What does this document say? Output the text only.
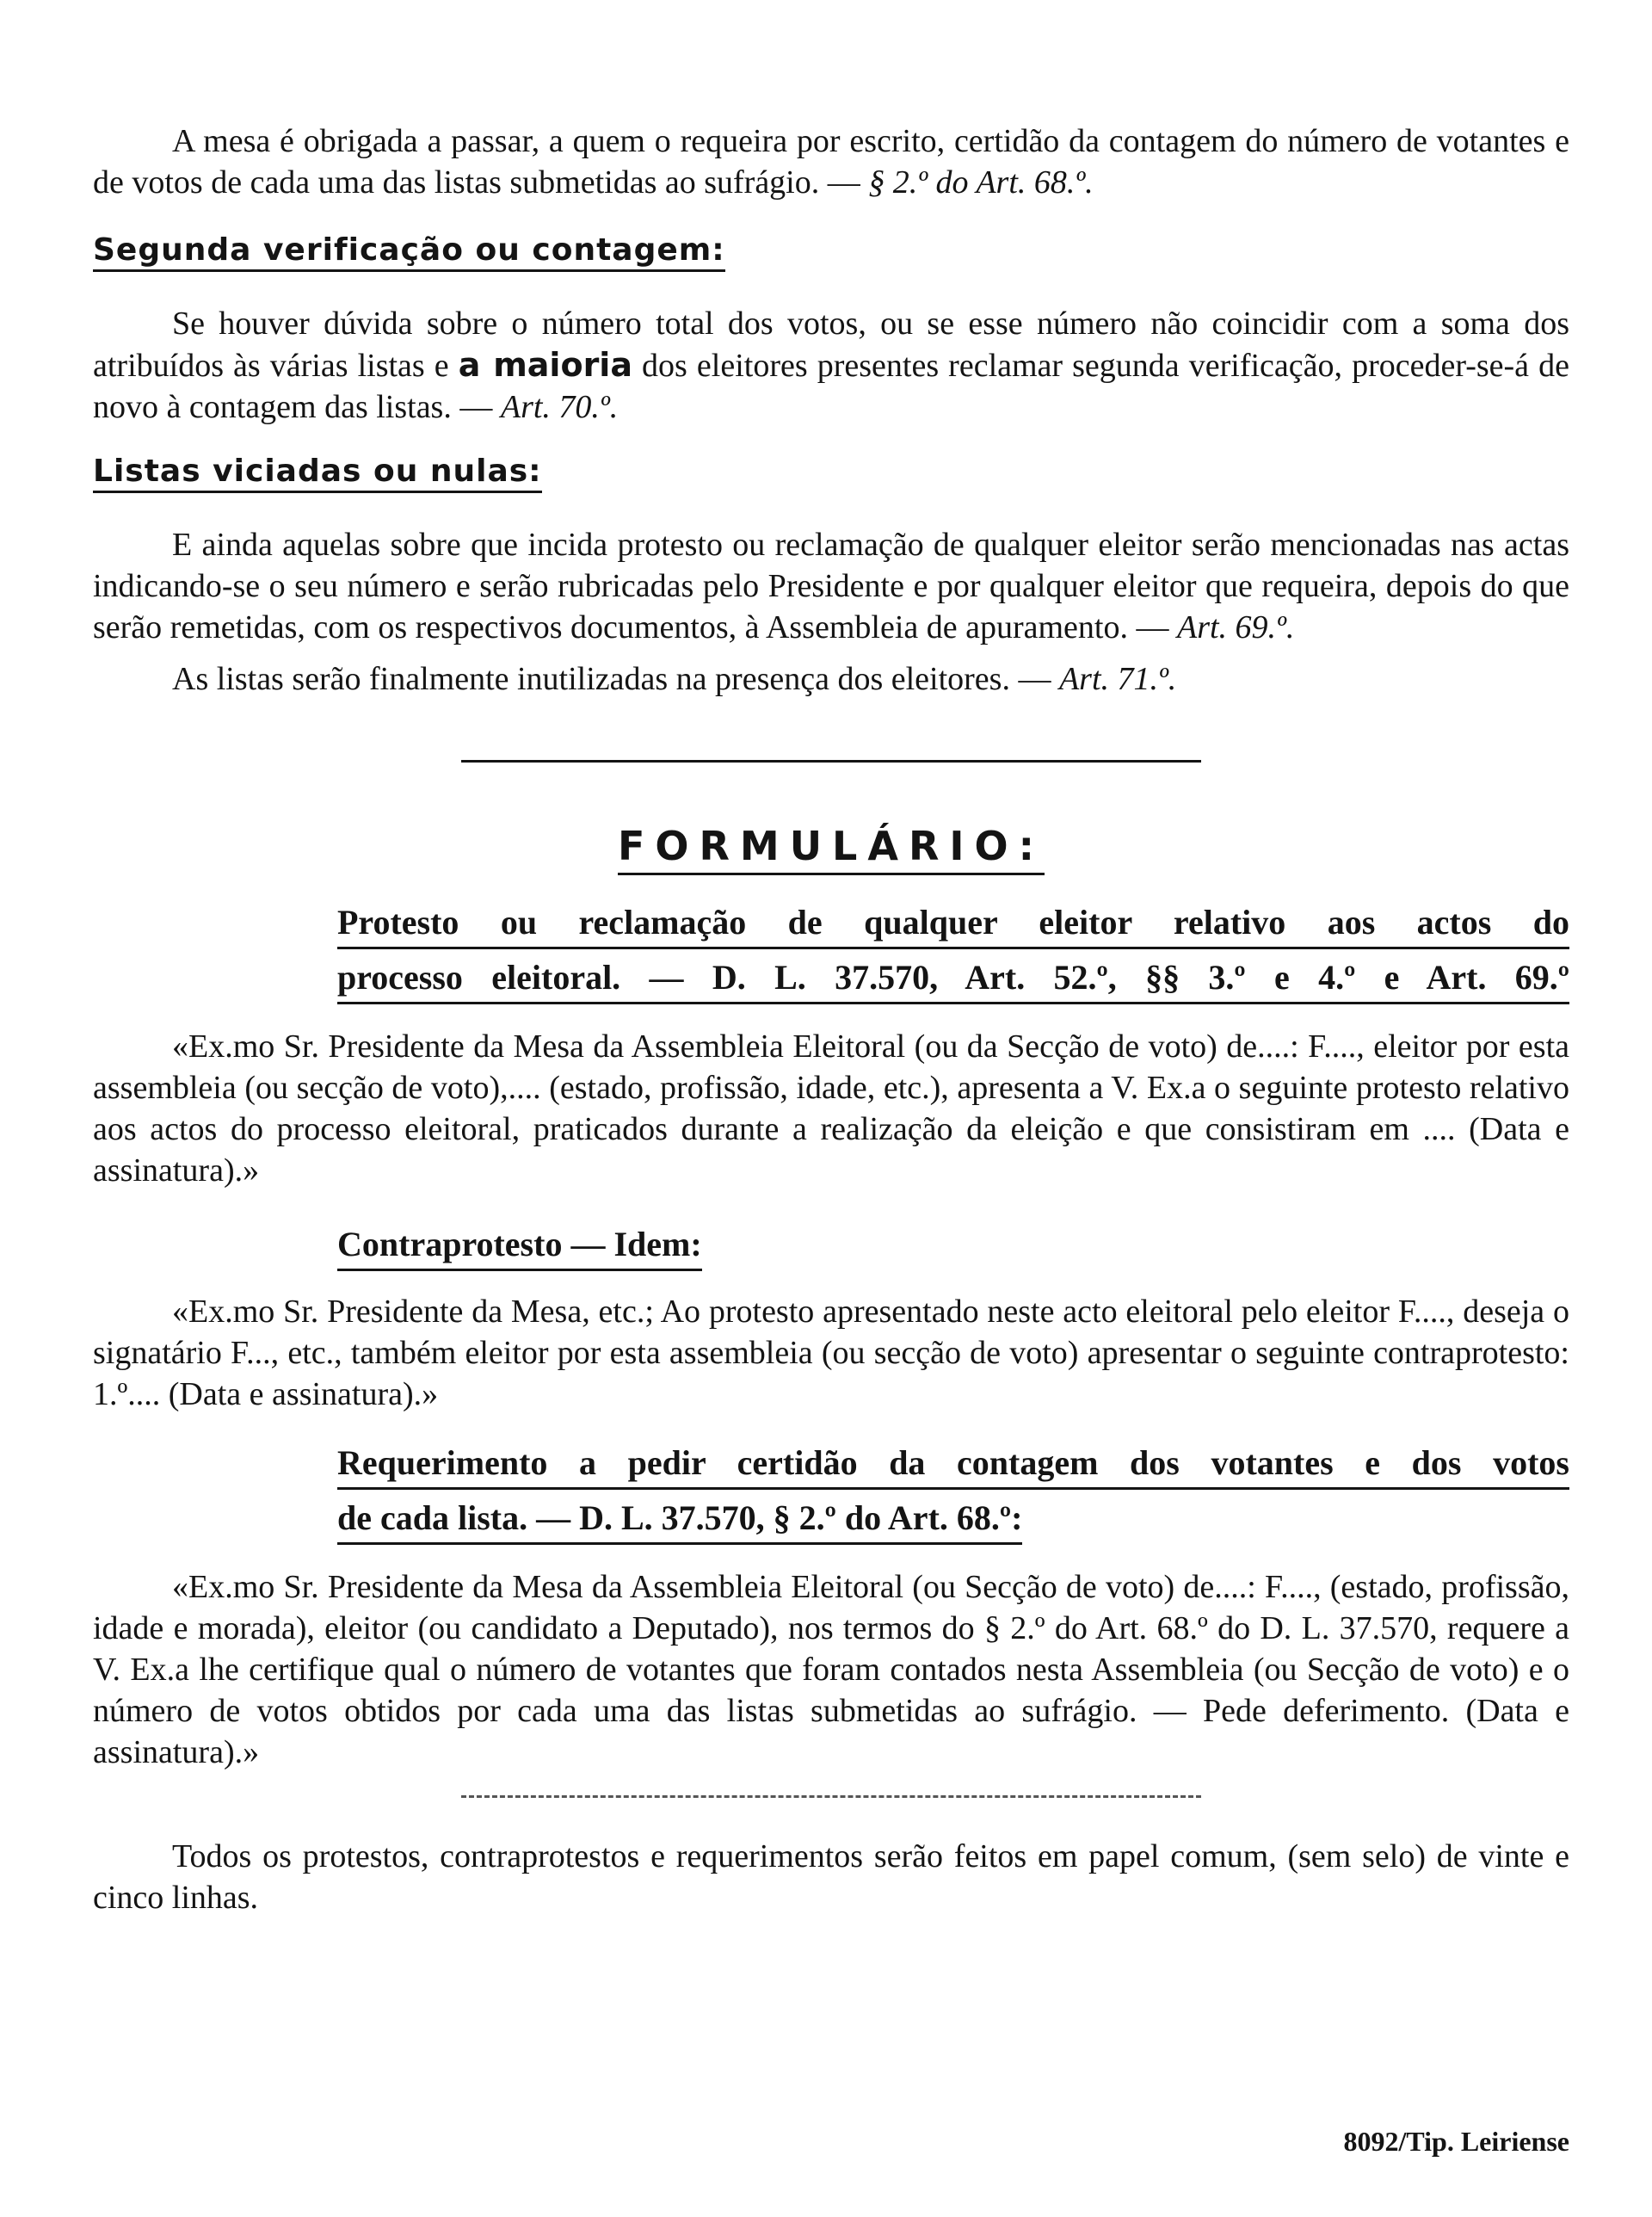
A mesa é obrigada a passar, a quem o requeira por escrito, certidão da contagem do número de votantes e de votos de cada uma das listas submetidas ao sufrágio. — § 2.º do Art. 68.º.

Segunda verificação ou contagem:

Se houver dúvida sobre o número total dos votos, ou se esse número não coincidir com a soma dos atribuídos às várias listas e a maioria dos eleitores presentes reclamar segunda verificação, proceder-se-á de novo à contagem das listas. — Art. 70.º.

Listas viciadas ou nulas:

E ainda aquelas sobre que incida protesto ou reclamação de qualquer eleitor serão mencionadas nas actas indicando-se o seu número e serão rubricadas pelo Presidente e por qualquer eleitor que requeira, depois do que serão remetidas, com os respectivos documentos, à Assembleia de apuramento. — Art. 69.º.

As listas serão finalmente inutilizadas na presença dos eleitores. — Art. 71.º.

FORMULÁRIO:

Protesto ou reclamação de qualquer eleitor relativo aos actos do

processo eleitoral. — D. L. 37.570, Art. 52.º, §§ 3.º e 4.º e Art. 69.º

«Ex.mo Sr. Presidente da Mesa da Assembleia Eleitoral (ou da Secção de voto) de....: F...., eleitor por esta assembleia (ou secção de voto),.... (estado, profissão, idade, etc.), apresenta a V. Ex.a o seguinte protesto relativo aos actos do processo eleitoral, praticados durante a realização da eleição e que consistiram em .... (Data e assinatura).»

Contraprotesto — Idem:

«Ex.mo Sr. Presidente da Mesa, etc.; Ao protesto apresentado neste acto eleitoral pelo eleitor F...., deseja o signatário F..., etc., também eleitor por esta assembleia (ou secção de voto) apresentar o seguinte contraprotesto: 1.º.... (Data e assinatura).»

Requerimento a pedir certidão da contagem dos votantes e dos votos

de cada lista. — D. L. 37.570, § 2.º do Art. 68.º:

«Ex.mo Sr. Presidente da Mesa da Assembleia Eleitoral (ou Secção de voto) de....: F...., (estado, profissão, idade e morada), eleitor (ou candidato a Deputado), nos termos do § 2.º do Art. 68.º do D. L. 37.570, requere a V. Ex.a lhe certifique qual o número de votantes que foram contados nesta Assembleia (ou Secção de voto) e o número de votos obtidos por cada uma das listas submetidas ao sufrágio. — Pede deferimento. (Data e assinatura).»

Todos os protestos, contraprotestos e requerimentos serão feitos em papel comum, (sem selo) de vinte e cinco linhas.

8092/Tip. Leiriense
